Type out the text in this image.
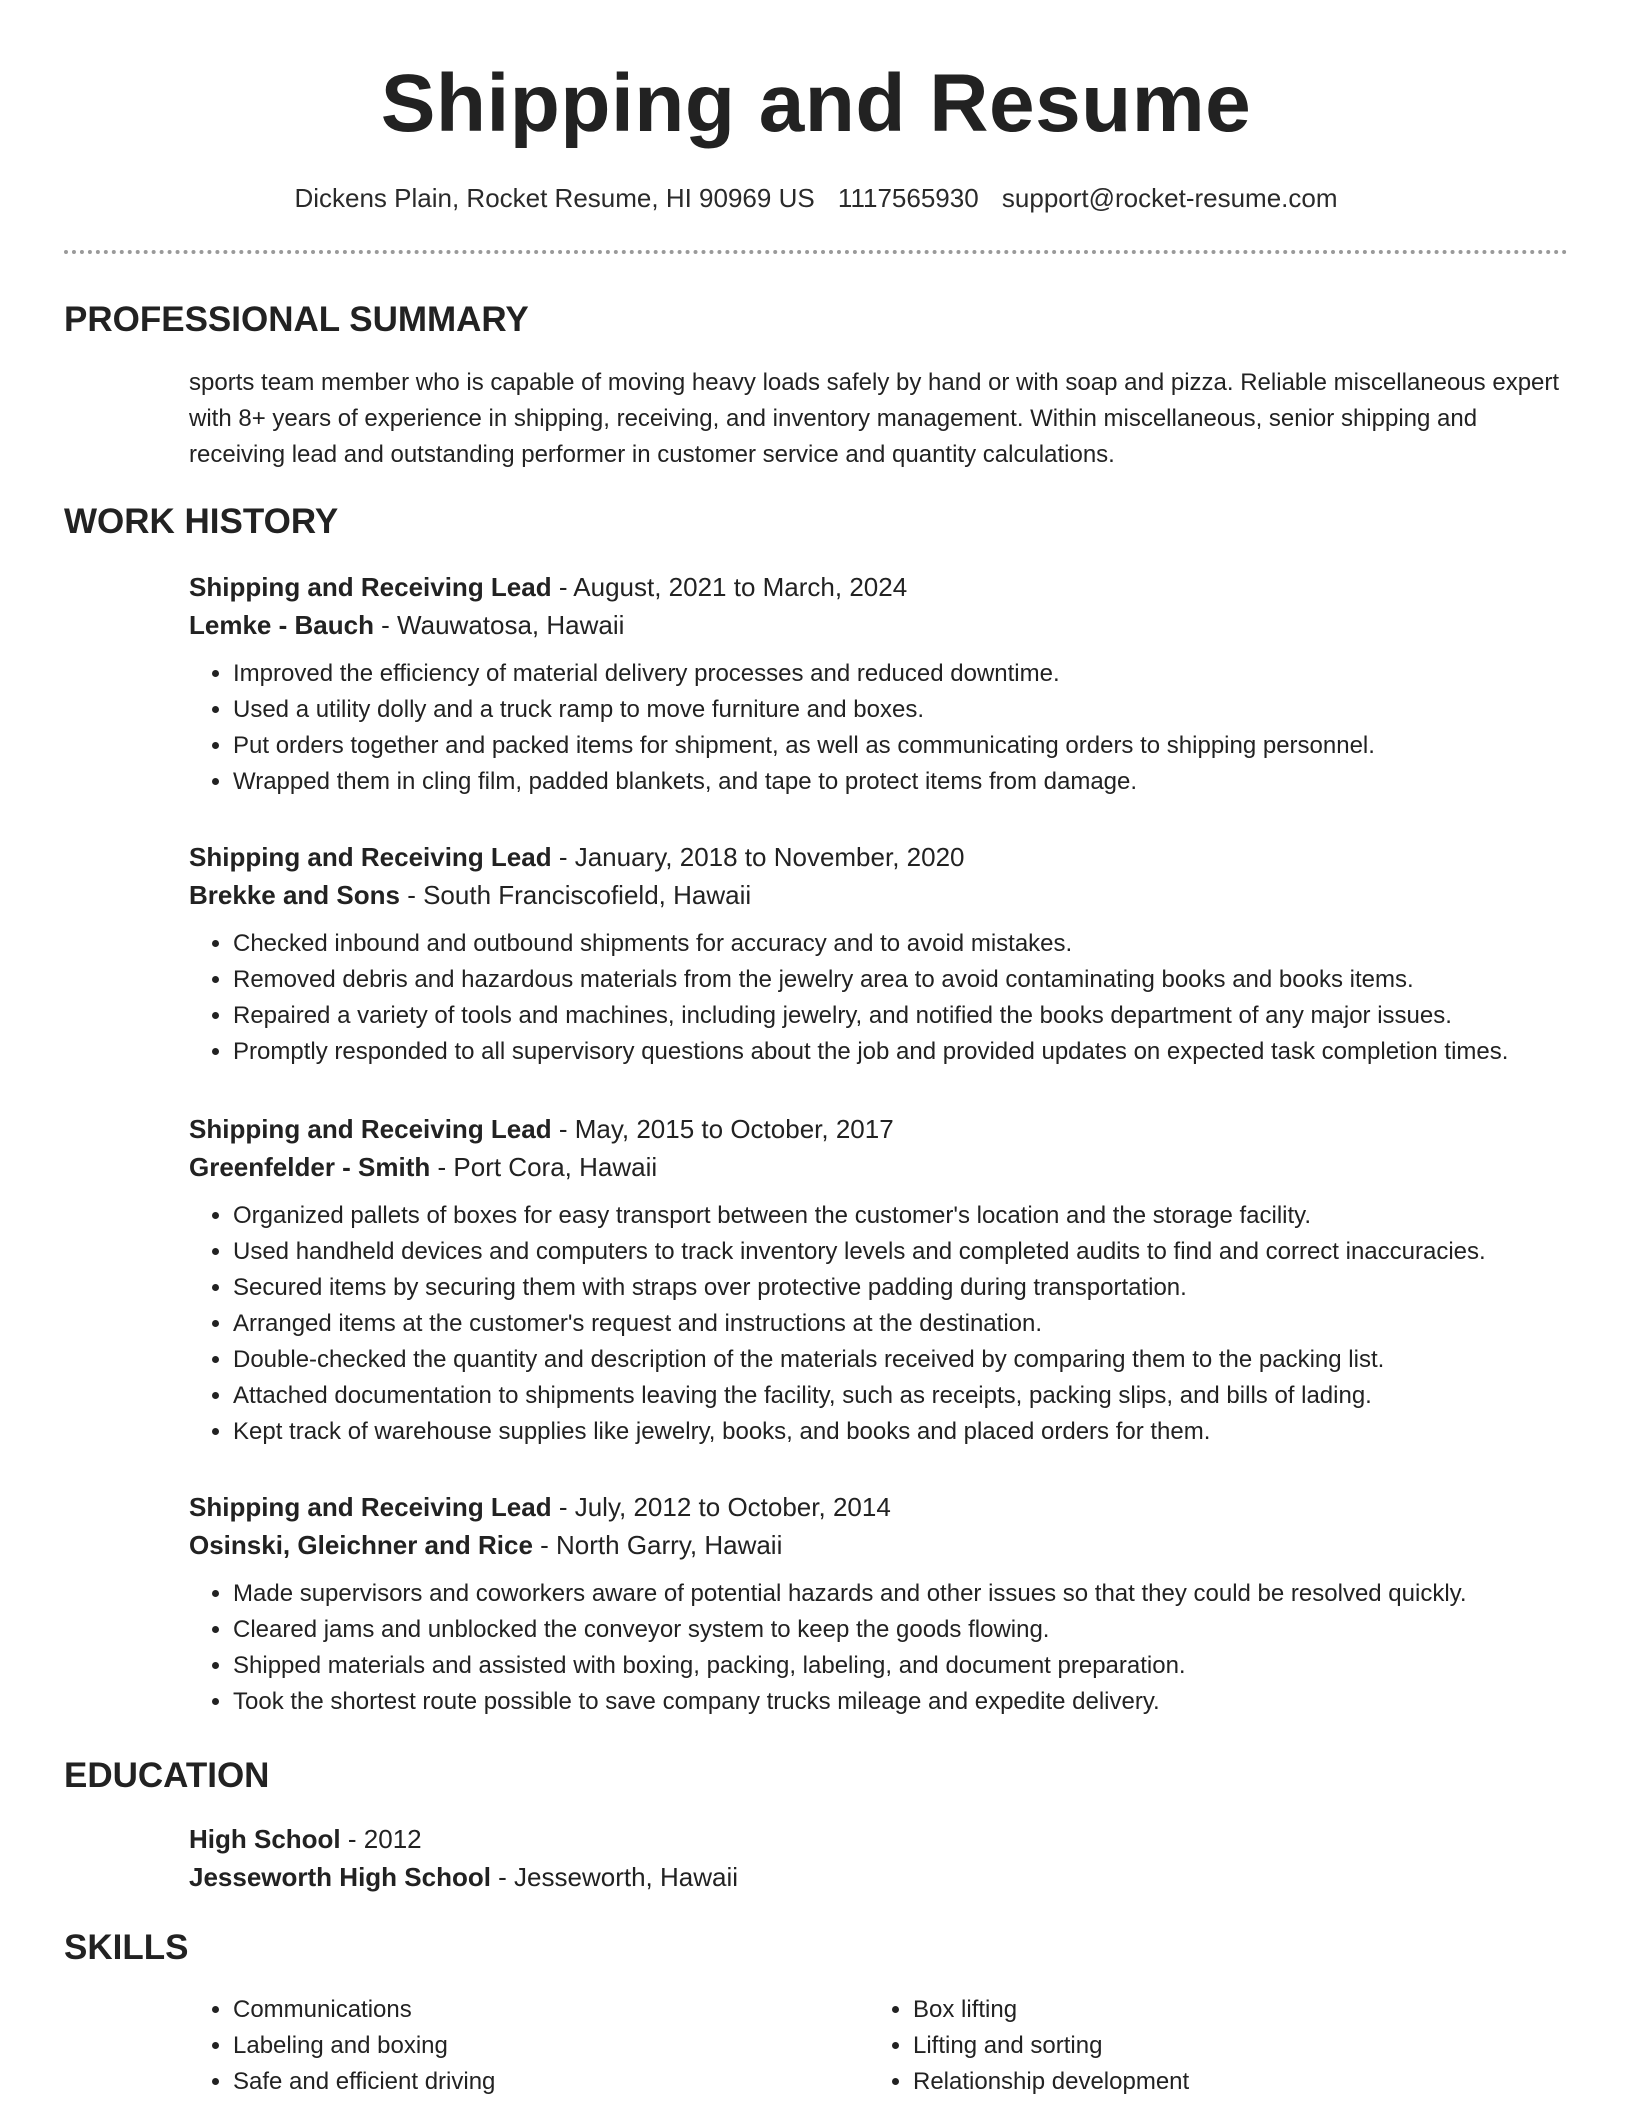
Shipping and Resume
Dickens Plain, Rocket Resume, HI 90969 US 1117565930 support@rocket-resume.com
PROFESSIONAL SUMMARY
sports team member who is capable of moving heavy loads safely by hand or with soap and pizza. Reliable miscellaneous expert with 8+ years of experience in shipping, receiving, and inventory management. Within miscellaneous, senior shipping and receiving lead and outstanding performer in customer service and quantity calculations.
WORK HISTORY
Shipping and Receiving Lead - August, 2021 to March, 2024
Lemke - Bauch - Wauwatosa, Hawaii
• Improved the efficiency of material delivery processes and reduced downtime.
• Used a utility dolly and a truck ramp to move furniture and boxes.
• Put orders together and packed items for shipment, as well as communicating orders to shipping personnel.
• Wrapped them in cling film, padded blankets, and tape to protect items from damage.
Shipping and Receiving Lead - January, 2018 to November, 2020
Brekke and Sons - South Franciscofield, Hawaii
• Checked inbound and outbound shipments for accuracy and to avoid mistakes.
• Removed debris and hazardous materials from the jewelry area to avoid contaminating books and books items.
• Repaired a variety of tools and machines, including jewelry, and notified the books department of any major issues.
• Promptly responded to all supervisory questions about the job and provided updates on expected task completion times.
Shipping and Receiving Lead - May, 2015 to October, 2017
Greenfelder - Smith - Port Cora, Hawaii
• Organized pallets of boxes for easy transport between the customer's location and the storage facility.
• Used handheld devices and computers to track inventory levels and completed audits to find and correct inaccuracies.
• Secured items by securing them with straps over protective padding during transportation.
• Arranged items at the customer's request and instructions at the destination.
• Double-checked the quantity and description of the materials received by comparing them to the packing list.
• Attached documentation to shipments leaving the facility, such as receipts, packing slips, and bills of lading.
• Kept track of warehouse supplies like jewelry, books, and books and placed orders for them.
Shipping and Receiving Lead - July, 2012 to October, 2014
Osinski, Gleichner and Rice - North Garry, Hawaii
• Made supervisors and coworkers aware of potential hazards and other issues so that they could be resolved quickly.
• Cleared jams and unblocked the conveyor system to keep the goods flowing.
• Shipped materials and assisted with boxing, packing, labeling, and document preparation.
• Took the shortest route possible to save company trucks mileage and expedite delivery.
EDUCATION
High School - 2012
Jesseworth High School - Jesseworth, Hawaii
SKILLS
• Communications
• Labeling and boxing
• Safe and efficient driving
• Box lifting
• Lifting and sorting
• Relationship development
